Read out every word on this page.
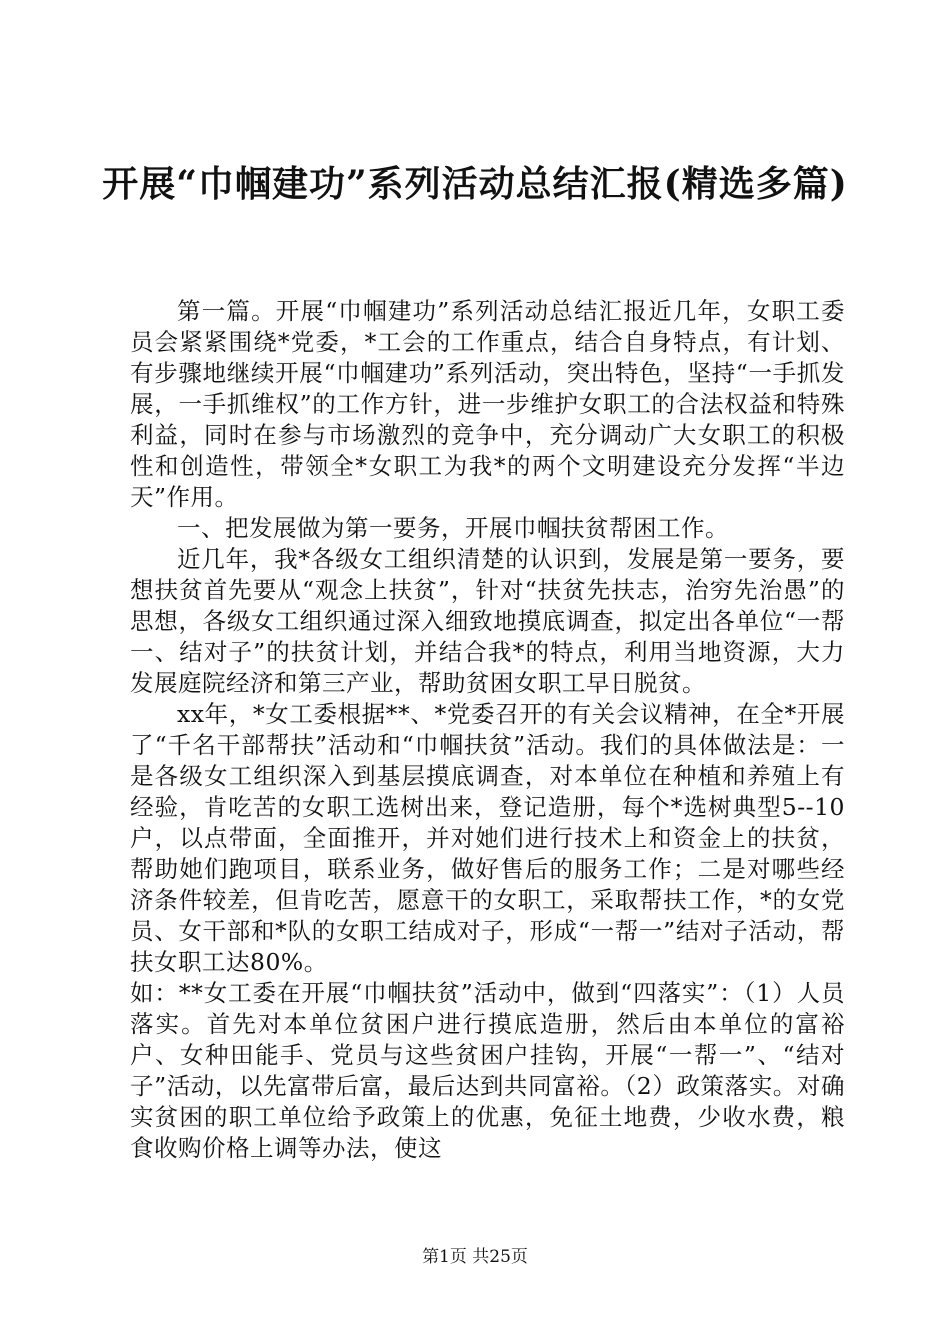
开展“巾帼建功”系列活动总结汇报(精选多篇)

第一篇。开展“巾帼建功”系列活动总结汇报近几年，女职工委员会紧紧围绕*党委，*工会的工作重点，结合自身特点，有计划、有步骤地继续开展“巾帼建功”系列活动，突出特色，坚持“一手抓发展，一手抓维权”的工作方针，进一步维护女职工的合法权益和特殊利益，同时在参与市场激烈的竞争中，充分调动广大女职工的积极性和创造性，带领全*女职工为我*的两个文明建设充分发挥“半边天”作用。

一、把发展做为第一要务，开展巾帼扶贫帮困工作。

近几年，我*各级女工组织清楚的认识到，发展是第一要务，要想扶贫首先要从“观念上扶贫”，针对“扶贫先扶志，治穷先治愚”的思想，各级女工组织通过深入细致地摸底调查，拟定出各单位“一帮一、结对子”的扶贫计划，并结合我*的特点，利用当地资源，大力发展庭院经济和第三产业，帮助贫困女职工早日脱贫。

xx年，*女工委根据**、*党委召开的有关会议精神，在全*开展了“千名干部帮扶”活动和“巾帼扶贫”活动。我们的具体做法是：一是各级女工组织深入到基层摸底调查，对本单位在种植和养殖上有经验，肯吃苦的女职工选树出来，登记造册，每个*选树典型5--10户，以点带面，全面推开，并对她们进行技术上和资金上的扶贫，帮助她们跑项目，联系业务，做好售后的服务工作；二是对哪些经济条件较差，但肯吃苦，愿意干的女职工，采取帮扶工作，*的女党员、女干部和*队的女职工结成对子，形成“一帮一”结对子活动，帮扶女职工达80%。

如：**女工委在开展“巾帼扶贫”活动中，做到“四落实”：（1）人员落实。首先对本单位贫困户进行摸底造册，然后由本单位的富裕户、女种田能手、党员与这些贫困户挂钩，开展“一帮一”、“结对子”活动，以先富带后富，最后达到共同富裕。（2）政策落实。对确实贫困的职工单位给予政策上的优惠，免征土地费，少收水费，粮食收购价格上调等办法，使这

第1页 共25页
